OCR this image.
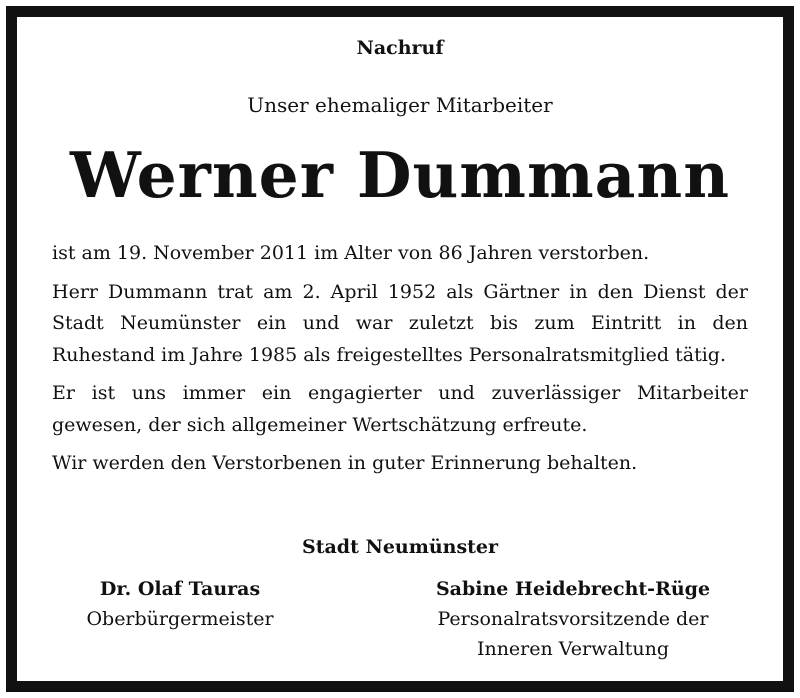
Nachruf
Unser ehemaliger Mitarbeiter
Werner Dummann

ist am 19. November 2011 im Alter von 86 Jahren verstorben.

Herr Dummann trat am 2. April 1952 als Gärtner in den Dienst der Stadt Neumünster ein und war zuletzt bis zum Eintritt in den Ruhestand im Jahre 1985 als freigestelltes Personalratsmitglied tätig.

Er ist uns immer ein engagierter und zuverlässiger Mitarbeiter gewesen, der sich allgemeiner Wertschätzung erfreute.

Wir werden den Verstorbenen in guter Erinnerung behalten.

Stadt Neumünster
Dr. Olaf Tauras
Oberbürgermeister
Sabine Heidebrecht-Rüge
Personalratsvorsitzende der
Inneren Verwaltung
